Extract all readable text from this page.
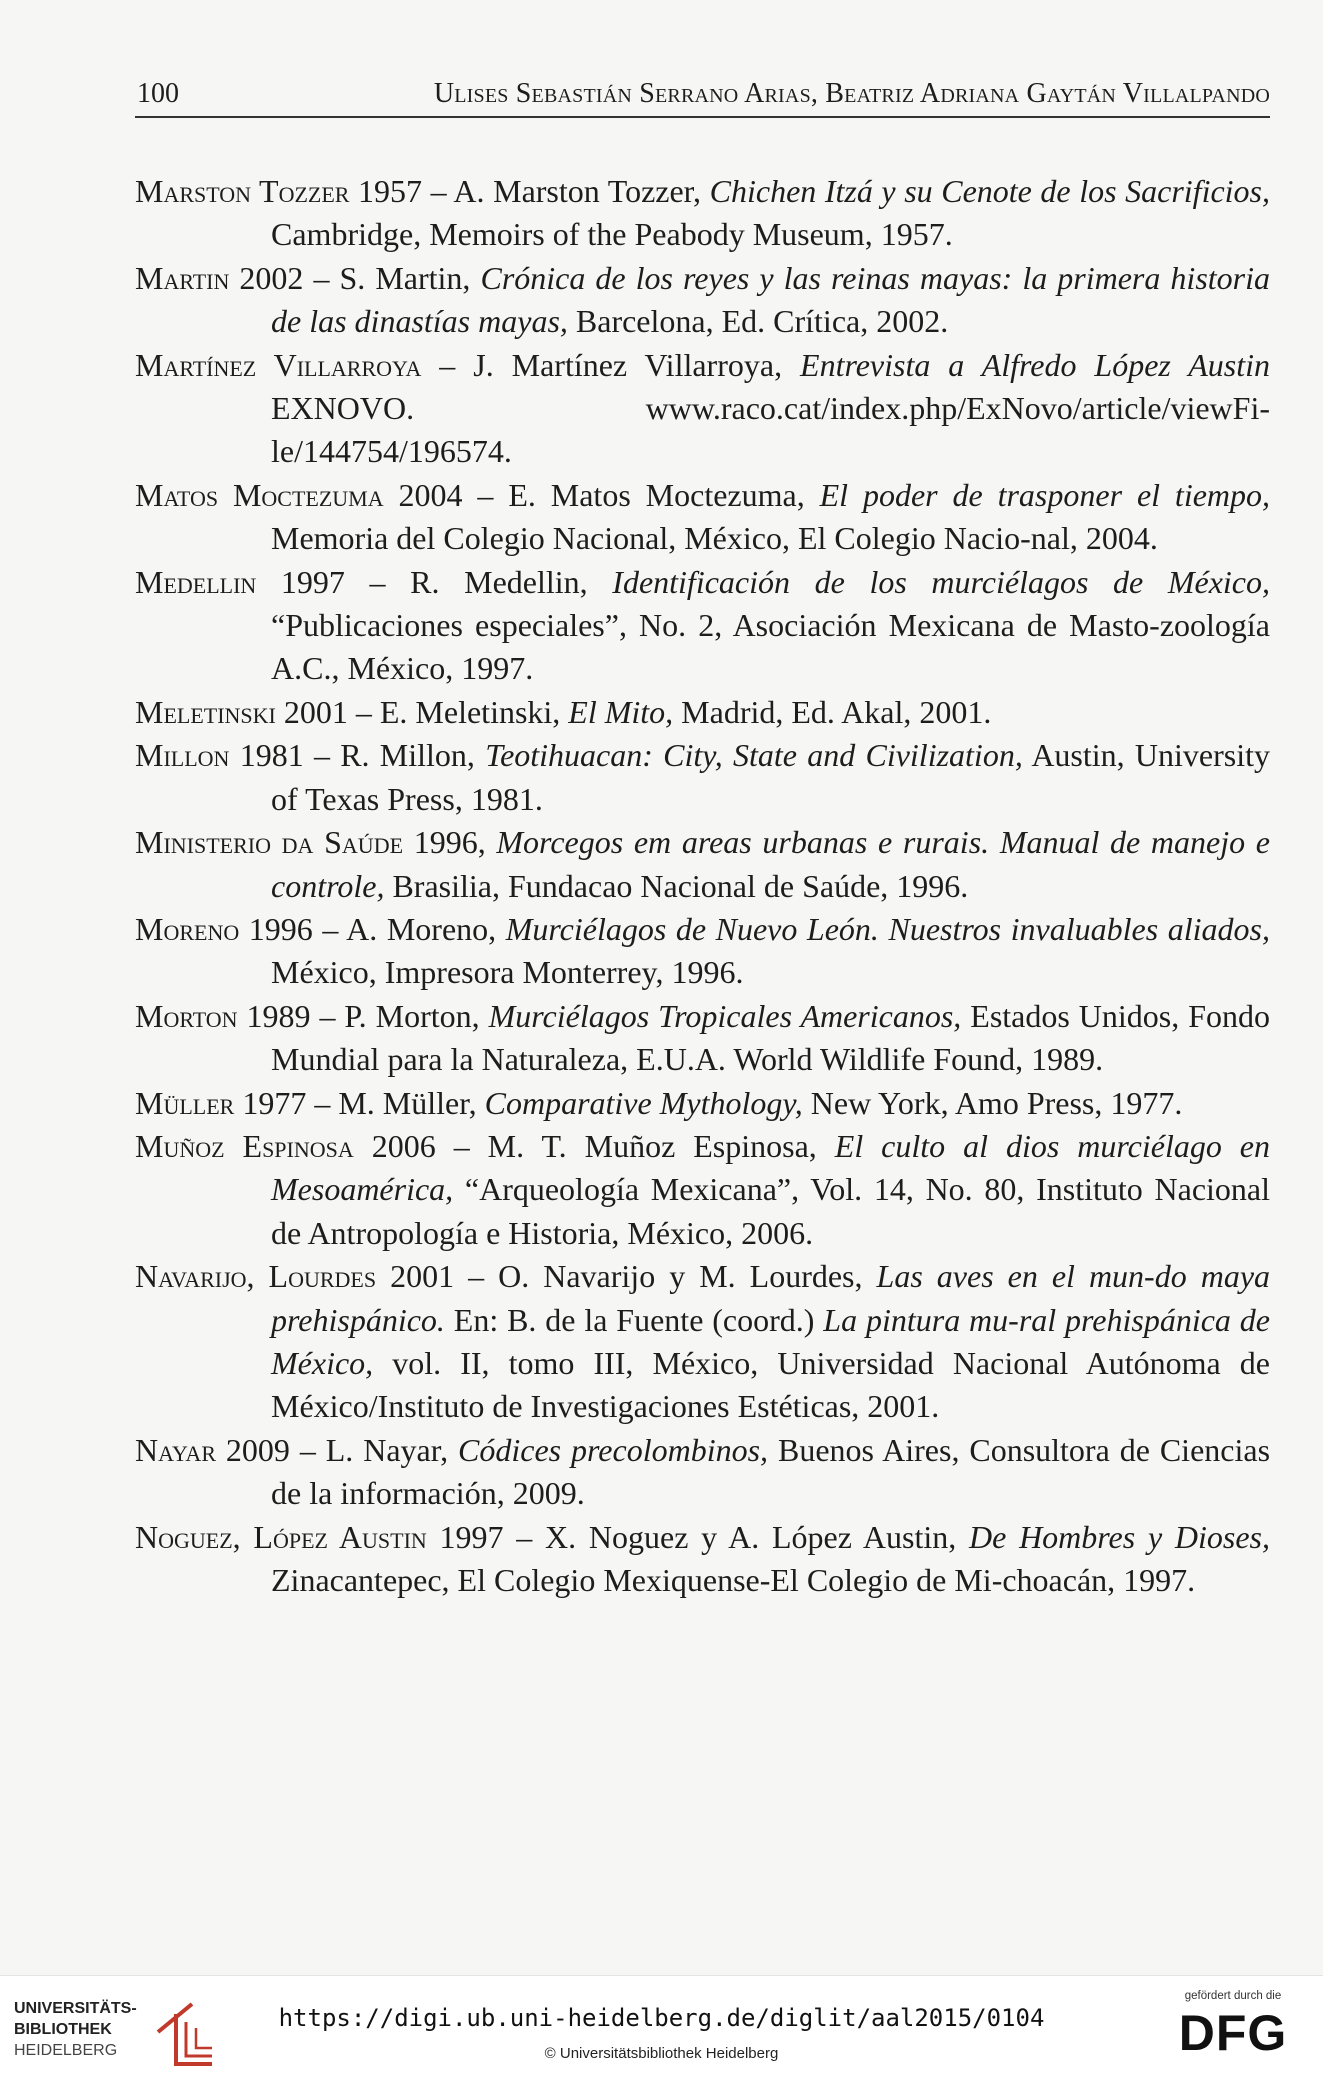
100	Ulises Sebastián Serrano Arias, Beatriz Adriana Gaytán Villalpando

Marston Tozzer 1957 – A. Marston Tozzer, Chichen Itzá y su Cenote de los Sacrificios, Cambridge, Memoirs of the Peabody Museum, 1957.

Martin 2002 – S. Martin, Crónica de los reyes y las reinas mayas: la primera historia de las dinastías mayas, Barcelona, Ed. Crítica, 2002.

Martínez Villarroya – J. Martínez Villarroya, Entrevista a Alfredo López Austin EXNOVO. www.raco.cat/index.php/ExNovo/article/viewFi-le/144754/196574.

Matos Moctezuma 2004 – E. Matos Moctezuma, El poder de trasponer el tiempo, Memoria del Colegio Nacional, México, El Colegio Nacio-nal, 2004.

Medellin 1997 – R. Medellin, Identificación de los murciélagos de México, “Publicaciones especiales”, No. 2, Asociación Mexicana de Masto-zoología A.C., México, 1997.

Meletinski 2001 – E. Meletinski, El Mito, Madrid, Ed. Akal, 2001.

Millon 1981 – R. Millon, Teotihuacan: City, State and Civilization, Austin, University of Texas Press, 1981.

Ministerio da Saúde 1996, Morcegos em areas urbanas e rurais. Manual de manejo e controle, Brasilia, Fundacao Nacional de Saúde, 1996.

Moreno 1996 – A. Moreno, Murciélagos de Nuevo León. Nuestros invaluables aliados, México, Impresora Monterrey, 1996.

Morton 1989 – P. Morton, Murciélagos Tropicales Americanos, Estados Unidos, Fondo Mundial para la Naturaleza, E.U.A. World Wildlife Found, 1989.

Müller 1977 – M. Müller, Comparative Mythology, New York, Amo Press, 1977.

Muñoz Espinosa 2006 – M. T. Muñoz Espinosa, El culto al dios murciélago en Mesoamérica, “Arqueología Mexicana”, Vol. 14, No. 80, Instituto Nacional de Antropología e Historia, México, 2006.

Navarijo, Lourdes 2001 – O. Navarijo y M. Lourdes, Las aves en el mun-do maya prehispánico. En: B. de la Fuente (coord.) La pintura mu-ral prehispánica de México, vol. II, tomo III, México, Universidad Nacional Autónoma de México/Instituto de Investigaciones Estéticas, 2001.

Nayar 2009 – L. Nayar, Códices precolombinos, Buenos Aires, Consultora de Ciencias de la información, 2009.

Noguez, López Austin 1997 – X. Noguez y A. López Austin, De Hombres y Dioses, Zinacantepec, El Colegio Mexiquense-El Colegio de Mi-choacán, 1997.

UNIVERSITÄTS-
BIBLIOTHEK
HEIDELBERG
https://digi.ub.uni-heidelberg.de/diglit/aal2015/0104
© Universitätsbibliothek Heidelberg
gefördert durch die
DFG
